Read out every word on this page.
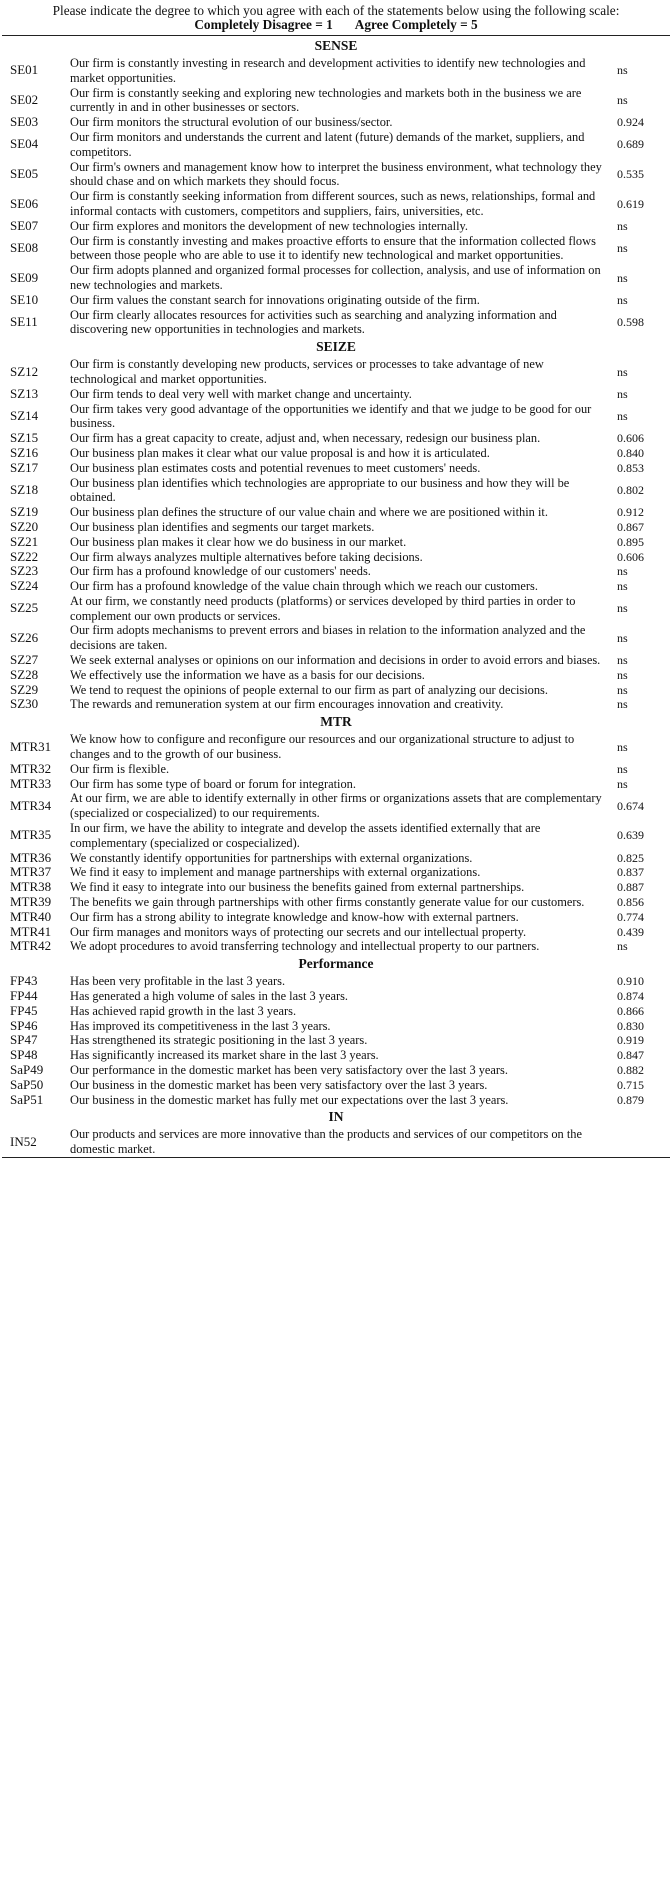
Please indicate the degree to which you agree with each of the statements below using the following scale:
Completely Disagree = 1 Agree Completely = 5
SENSE		
SE01	Our firm is constantly investing in research and development activities to identify new technologies and market opportunities.	ns
SE02	Our firm is constantly seeking and exploring new technologies and markets both in the business we are currently in and in other businesses or sectors.	ns
SE03	Our firm monitors the structural evolution of our business/sector.	0.924
SE04	Our firm monitors and understands the current and latent (future) demands of the market, suppliers, and competitors.	0.689
SE05	Our firm's owners and management know how to interpret the business environment, what technology they should chase and on which markets they should focus.	0.535
SE06	Our firm is constantly seeking information from different sources, such as news, relationships, formal and informal contacts with customers, competitors and suppliers, fairs, universities, etc.	0.619
SE07	Our firm explores and monitors the development of new technologies internally.	ns
SE08	Our firm is constantly investing and makes proactive efforts to ensure that the information collected flows between those people who are able to use it to identify new technological and market opportunities.	ns
SE09	Our firm adopts planned and organized formal processes for collection, analysis, and use of information on new technologies and markets.	ns
SE10	Our firm values the constant search for innovations originating outside of the firm.	ns
SE11	Our firm clearly allocates resources for activities such as searching and analyzing information and discovering new opportunities in technologies and markets.	0.598
SEIZE		
SZ12	Our firm is constantly developing new products, services or processes to take advantage of new technological and market opportunities.	ns
SZ13	Our firm tends to deal very well with market change and uncertainty.	ns
SZ14	Our firm takes very good advantage of the opportunities we identify and that we judge to be good for our business.	ns
SZ15	Our firm has a great capacity to create, adjust and, when necessary, redesign our business plan.	0.606
SZ16	Our business plan makes it clear what our value proposal is and how it is articulated.	0.840
SZ17	Our business plan estimates costs and potential revenues to meet customers' needs.	0.853
SZ18	Our business plan identifies which technologies are appropriate to our business and how they will be obtained.	0.802
SZ19	Our business plan defines the structure of our value chain and where we are positioned within it.	0.912
SZ20	Our business plan identifies and segments our target markets.	0.867
SZ21	Our business plan makes it clear how we do business in our market.	0.895
SZ22	Our firm always analyzes multiple alternatives before taking decisions.	0.606
SZ23	Our firm has a profound knowledge of our customers' needs.	ns
SZ24	Our firm has a profound knowledge of the value chain through which we reach our customers.	ns
SZ25	At our firm, we constantly need products (platforms) or services developed by third parties in order to complement our own products or services.	ns
SZ26	Our firm adopts mechanisms to prevent errors and biases in relation to the information analyzed and the decisions are taken.	ns
SZ27	We seek external analyses or opinions on our information and decisions in order to avoid errors and biases.	ns
SZ28	We effectively use the information we have as a basis for our decisions.	ns
SZ29	We tend to request the opinions of people external to our firm as part of analyzing our decisions.	ns
SZ30	The rewards and remuneration system at our firm encourages innovation and creativity.	ns
MTR		
MTR31	We know how to configure and reconfigure our resources and our organizational structure to adjust to changes and to the growth of our business.	ns
MTR32	Our firm is flexible.	ns
MTR33	Our firm has some type of board or forum for integration.	ns
MTR34	At our firm, we are able to identify externally in other firms or organizations assets that are complementary (specialized or cospecialized) to our requirements.	0.674
MTR35	In our firm, we have the ability to integrate and develop the assets identified externally that are complementary (specialized or cospecialized).	0.639
MTR36	We constantly identify opportunities for partnerships with external organizations.	0.825
MTR37	We find it easy to implement and manage partnerships with external organizations.	0.837
MTR38	We find it easy to integrate into our business the benefits gained from external partnerships.	0.887
MTR39	The benefits we gain through partnerships with other firms constantly generate value for our customers.	0.856
MTR40	Our firm has a strong ability to integrate knowledge and know-how with external partners.	0.774
MTR41	Our firm manages and monitors ways of protecting our secrets and our intellectual property.	0.439
MTR42	We adopt procedures to avoid transferring technology and intellectual property to our partners.	ns
Performance		
FP43	Has been very profitable in the last 3 years.	0.910
FP44	Has generated a high volume of sales in the last 3 years.	0.874
FP45	Has achieved rapid growth in the last 3 years.	0.866
SP46	Has improved its competitiveness in the last 3 years.	0.830
SP47	Has strengthened its strategic positioning in the last 3 years.	0.919
SP48	Has significantly increased its market share in the last 3 years.	0.847
SaP49	Our performance in the domestic market has been very satisfactory over the last 3 years.	0.882
SaP50	Our business in the domestic market has been very satisfactory over the last 3 years.	0.715
SaP51	Our business in the domestic market has fully met our expectations over the last 3 years.	0.879
IN		
IN52	Our products and services are more innovative than the products and services of our competitors on the domestic market.	
